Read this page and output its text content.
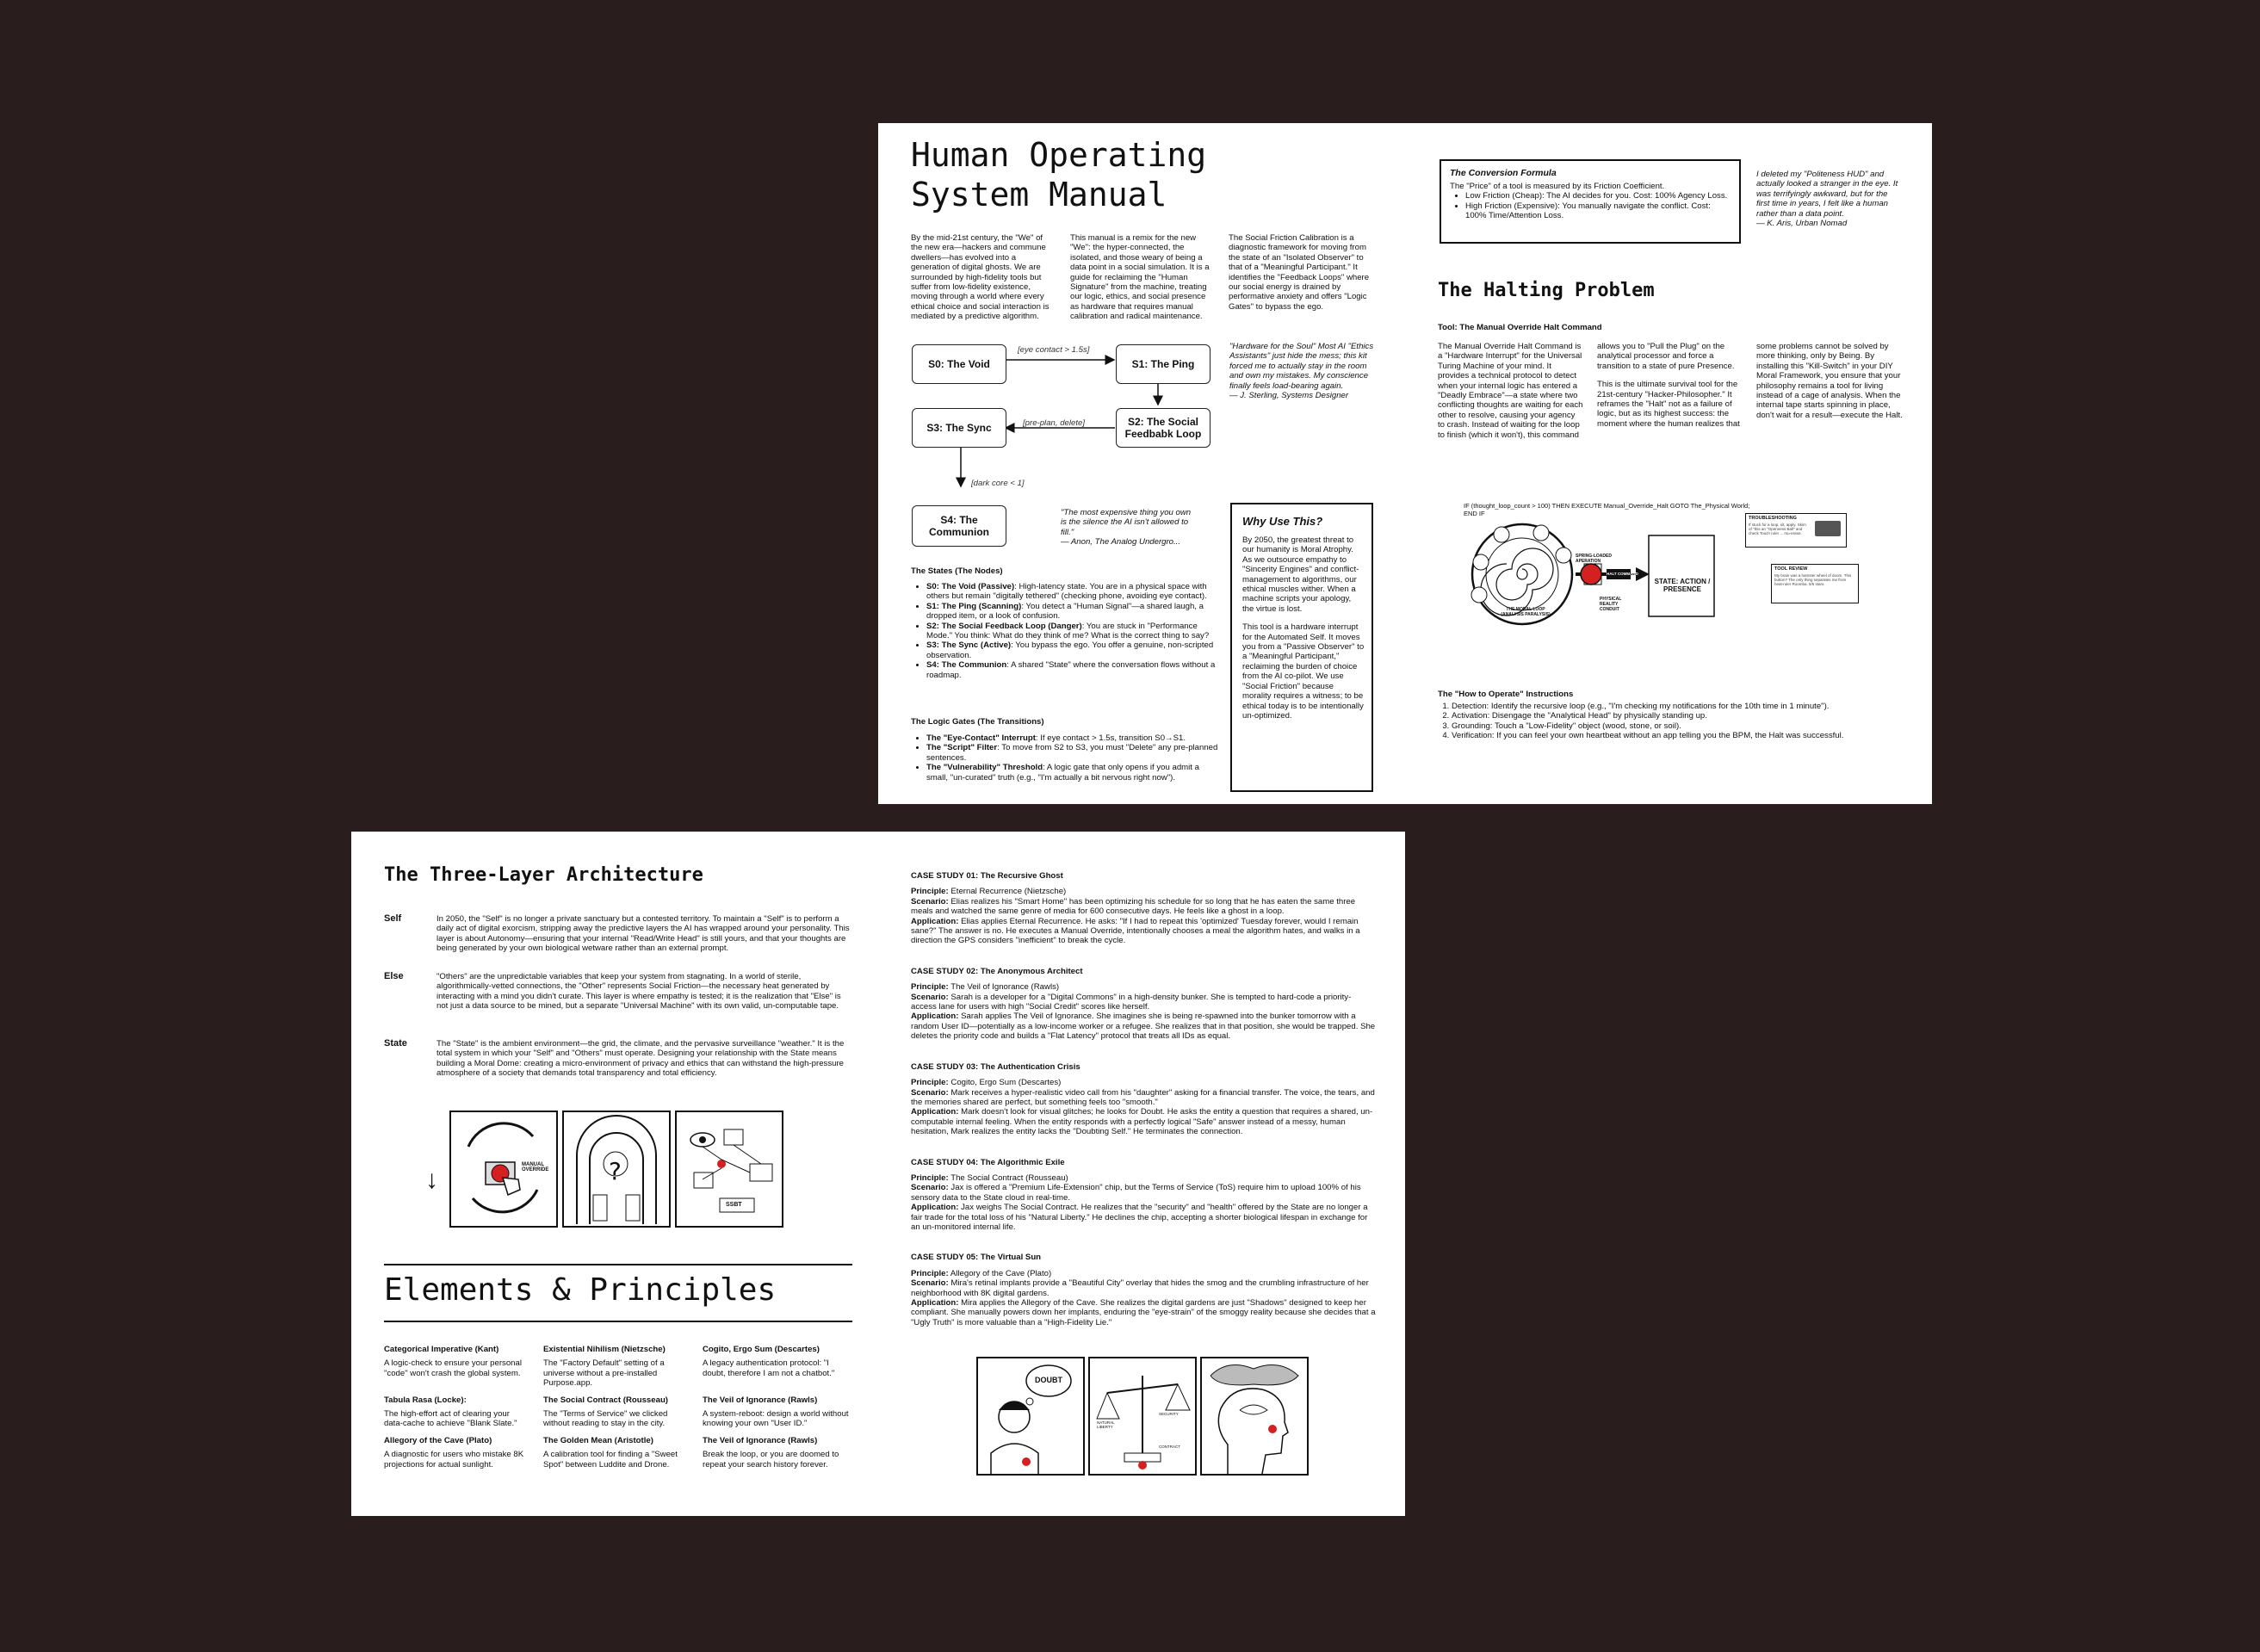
Human Operating
System Manual
By the mid-21st century, the "We" of the new era—hackers and commune dwellers—has evolved into a generation of digital ghosts. We are surrounded by high-fidelity tools but suffer from low-fidelity existence, moving through a world where every ethical choice and social interaction is mediated by a predictive algorithm.
This manual is a remix for the new "We": the hyper-connected, the isolated, and those weary of being a data point in a social simulation. It is a guide for reclaiming the "Human Signature" from the machine, treating our logic, ethics, and social presence as hardware that requires manual calibration and radical maintenance.
The Social Friction Calibration is a diagnostic framework for moving from the state of an "Isolated Observer" to that of a "Meaningful Participant." It identifies the "Feedback Loops" where our social energy is drained by performative anxiety and offers "Logic Gates" to bypass the ego.
S0: The Void	S1: The Ping
S2: The Social Feedbabk Loop
S3: The Sync
S4: The Communion
[eye contact > 1.5s]
[pre-plan, delete]
[dark core < 1]
"Hardware for the Soul" Most AI "Ethics Assistants" just hide the mess; this kit forced me to actually stay in the room and own my mistakes. My conscience finally feels load-bearing again.
— J. Sterling, Systems Designer
"The most expensive thing you own is the silence the AI isn't allowed to fill."
— Anon, The Analog Undergro...
The States (The Nodes)
• S0: The Void (Passive): High-latency state. You are in a physical space with others but remain "digitally tethered" (checking phone, avoiding eye contact).
• S1: The Ping (Scanning): You detect a "Human Signal"—a shared laugh, a dropped item, or a look of confusion.
• S2: The Social Feedback Loop (Danger): You are stuck in "Performance Mode." You think: What do they think of me? What is the correct thing to say?
• S3: The Sync (Active): You bypass the ego. You offer a genuine, non-scripted observation.
• S4: The Communion: A shared "State" where the conversation flows without a roadmap.
The Logic Gates (The Transitions)
• The "Eye-Contact" Interrupt: If eye contact > 1.5s, transition S0→S1.
• The "Script" Filter: To move from S2 to S3, you must "Delete" any pre-planned sentences.
• The "Vulnerability" Threshold: A logic gate that only opens if you admit a small, "un-curated" truth (e.g., "I'm actually a bit nervous right now").
Why Use This?
By 2050, the greatest threat to our humanity is Moral Atrophy. As we outsource empathy to "Sincerity Engines" and conflict-management to algorithms, our ethical muscles wither. When a machine scripts your apology, the virtue is lost.
This tool is a hardware interrupt for the Automated Self. It moves you from a "Passive Observer" to a "Meaningful Participant," reclaiming the burden of choice from the AI co-pilot. We use "Social Friction" because morality requires a witness; to be ethical today is to be intentionally un-optimized.
The Conversion Formula
The "Price" of a tool is measured by its Friction Coefficient.
• Low Friction (Cheap): The AI decides for you. Cost: 100% Agency Loss.
• High Friction (Expensive): You manually navigate the conflict. Cost: 100% Time/Attention Loss.
I deleted my "Politeness HUD" and actually looked a stranger in the eye. It was terrifyingly awkward, but for the first time in years, I felt like a human rather than a data point.
— K. Aris, Urban Nomad
The Halting Problem
Tool: The Manual Override Halt Command
The Manual Override Halt Command is a "Hardware Interrupt" for the Universal Turing Machine of your mind. It provides a technical protocol to detect when your internal logic has entered a "Deadly Embrace"—a state where two conflicting thoughts are waiting for each other to resolve, causing your agency to crash. Instead of waiting for the loop to finish (which it won't), this command
allows you to "Pull the Plug" on the analytical processor and force a transition to a state of pure Presence.
This is the ultimate survival tool for the 21st-century "Hacker-Philosopher." It reframes the "Halt" not as a failure of logic, but as its highest success: the moment where the human realizes that
some problems cannot be solved by more thinking, only by Being. By installing this "Kill-Switch" in your DIY Moral Framework, you ensure that your philosophy remains a tool for living instead of a cage of analysis. When the internal tape starts spinning in place, don't wait for a result—execute the Halt.
IF (thought_loop_count > 100) THEN EXECUTE Manual_Override_Halt GOTO The_Physical World;
END IF
THE MORAL LOOP (ANALYSIS PARALYSIS)
SPRING-LOADED APERATION
HALT COMMAND
PHYSICAL REALITY CONDUIT
STATE: ACTION / PRESENCE
TROUBLESHOOTING
If stuck for a loop, sit, apply. Skim of "this an "Openness Ball" and check Touch ruler ... mu-erase.
TOOL REVIEW
My brain was a hamster wheel of doom. This button? The only thing separates me from heat-ruler Roomba. 5/5 stars.
The "How to Operate" Instructions
1. Detection: Identify the recursive loop (e.g., "I'm checking my notifications for the 10th time in 1 minute").
2. Activation: Disengage the "Analytical Head" by physically standing up.
3. Grounding: Touch a "Low-Fidelity" object (wood, stone, or soil).
4. Verification: If you can feel your own heartbeat without an app telling you the BPM, the Halt was successful.
The Three-Layer Architecture
Self	In 2050, the "Self" is no longer a private sanctuary but a contested territory. To maintain a "Self" is to perform a daily act of digital exorcism, stripping away the predictive layers the AI has wrapped around your personality. This layer is about Autonomy—ensuring that your internal "Read/Write Head" is still yours, and that your thoughts are being generated by your own biological wetware rather than an external prompt.
Else	"Others" are the unpredictable variables that keep your system from stagnating. In a world of sterile, algorithmically-vetted connections, the "Other" represents Social Friction—the necessary heat generated by interacting with a mind you didn't curate. This layer is where empathy is tested; it is the realization that "Else" is not just a data source to be mined, but a separate "Universal Machine" with its own valid, un-computable tape.
State	The "State" is the ambient environment—the grid, the climate, and the pervasive surveillance "weather." It is the total system in which your "Self" and "Others" must operate. Designing your relationship with the State means building a Moral Dome: creating a micro-environment of privacy and ethics that can withstand the high-pressure atmosphere of a society that demands total transparency and total efficiency.
↓
MANUAL OVERRIDE	?
SSBT
Elements & Principles
Categorical Imperative (Kant)
A logic-check to ensure your personal "code" won't crash the global system.
Existential Nihilism (Nietzsche)
The "Factory Default" setting of a universe without a pre-installed Purpose.app.
Cogito, Ergo Sum (Descartes)
A legacy authentication protocol: "I doubt, therefore I am not a chatbot."
Tabula Rasa (Locke):
The high-effort act of clearing your data-cache to achieve "Blank Slate."
The Social Contract (Rousseau)
The "Terms of Service" we clicked without reading to stay in the city.
The Veil of Ignorance (Rawls)
A system-reboot: design a world without knowing your own "User ID."
Allegory of the Cave (Plato)
A diagnostic for users who mistake 8K projections for actual sunlight.
The Golden Mean (Aristotle)
A calibration tool for finding a "Sweet Spot" between Luddite and Drone.
The Veil of Ignorance (Rawls)
Break the loop, or you are doomed to repeat your search history forever.
CASE STUDY 01: The Recursive Ghost
Principle: Eternal Recurrence (Nietzsche)
Scenario: Elias realizes his "Smart Home" has been optimizing his schedule for so long that he has eaten the same three meals and watched the same genre of media for 600 consecutive days. He feels like a ghost in a loop.
Application: Elias applies Eternal Recurrence. He asks: "If I had to repeat this 'optimized' Tuesday forever, would I remain sane?" The answer is no. He executes a Manual Override, intentionally chooses a meal the algorithm hates, and walks in a direction the GPS considers "inefficient" to break the cycle.
CASE STUDY 02: The Anonymous Architect
Principle: The Veil of Ignorance (Rawls)
Scenario: Sarah is a developer for a "Digital Commons" in a high-density bunker. She is tempted to hard-code a priority-access lane for users with high "Social Credit" scores like herself.
Application: Sarah applies The Veil of Ignorance. She imagines she is being re-spawned into the bunker tomorrow with a random User ID—potentially as a low-income worker or a refugee. She realizes that in that position, she would be trapped. She deletes the priority code and builds a "Flat Latency" protocol that treats all IDs as equal.
CASE STUDY 03: The Authentication Crisis
Principle: Cogito, Ergo Sum (Descartes)
Scenario: Mark receives a hyper-realistic video call from his "daughter" asking for a financial transfer. The voice, the tears, and the memories shared are perfect, but something feels too "smooth."
Application: Mark doesn't look for visual glitches; he looks for Doubt. He asks the entity a question that requires a shared, un-computable internal feeling. When the entity responds with a perfectly logical "Safe" answer instead of a messy, human hesitation, Mark realizes the entity lacks the "Doubting Self." He terminates the connection.
CASE STUDY 04: The Algorithmic Exile
Principle: The Social Contract (Rousseau)
Scenario: Jax is offered a "Premium Life-Extension" chip, but the Terms of Service (ToS) require him to upload 100% of his sensory data to the State cloud in real-time.
Application: Jax weighs The Social Contract. He realizes that the "security" and "health" offered by the State are no longer a fair trade for the total loss of his "Natural Liberty." He declines the chip, accepting a shorter biological lifespan in exchange for an un-monitored internal life.
CASE STUDY 05: The Virtual Sun
Principle: Allegory of the Cave (Plato)
Scenario: Mira's retinal implants provide a "Beautiful City" overlay that hides the smog and the crumbling infrastructure of her neighborhood with 8K digital gardens.
Application: Mira applies the Allegory of the Cave. She realizes the digital gardens are just "Shadows" designed to keep her compliant. She manually powers down her implants, enduring the "eye-strain" of the smoggy reality because she decides that a "Ugly Truth" is more valuable than a "High-Fidelity Lie."
DOUBT
NATURAL LIBERTY
SECURITY
CONTRACT
